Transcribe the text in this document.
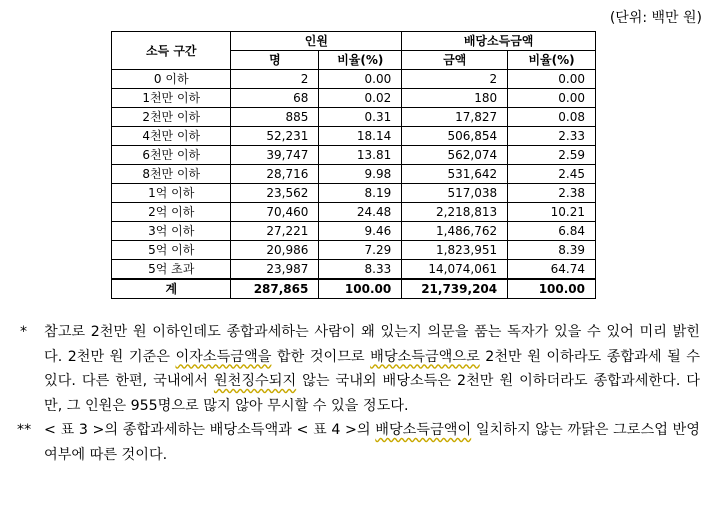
(단위: 백만 원)
소득 구간	인원		배당소득금액	
	명	비율(%)	금액	비율(%)
0 이하	2	0.00	2	0.00
1천만 이하	68	0.02	180	0.00
2천만 이하	885	0.31	17,827	0.08
4천만 이하	52,231	18.14	506,854	2.33
6천만 이하	39,747	13.81	562,074	2.59
8천만 이하	28,716	9.98	531,642	2.45
1억 이하	23,562	8.19	517,038	2.38
2억 이하	70,460	24.48	2,218,813	10.21
3억 이하	27,221	9.46	1,486,762	6.84
5억 이하	20,986	7.29	1,823,951	8.39
5억 초과	23,987	8.33	14,074,061	64.74
계	287,865	100.00	21,739,204	100.00
* 참고로 2천만 원 이하인데도 종합과세하는 사람이 왜 있는지 의문을 품는 독자가 있을 수 있어 미리 밝힌다. 2천만 원 기준은 이자소득금액을 합한 것이므로 배당소득금액으로 2천만 원 이하라도 종합과세 될 수 있다. 다른 한편, 국내에서 원천징수되지 않는 국내외 배당소득은 2천만 원 이하더라도 종합과세한다. 다만, 그 인원은 955명으로 많지 않아 무시할 수 있을 정도다.
** < 표 3 >의 종합과세하는 배당소득액과 < 표 4 >의 배당소득금액이 일치하지 않는 까닭은 그로스업 반영 여부에 따른 것이다.
